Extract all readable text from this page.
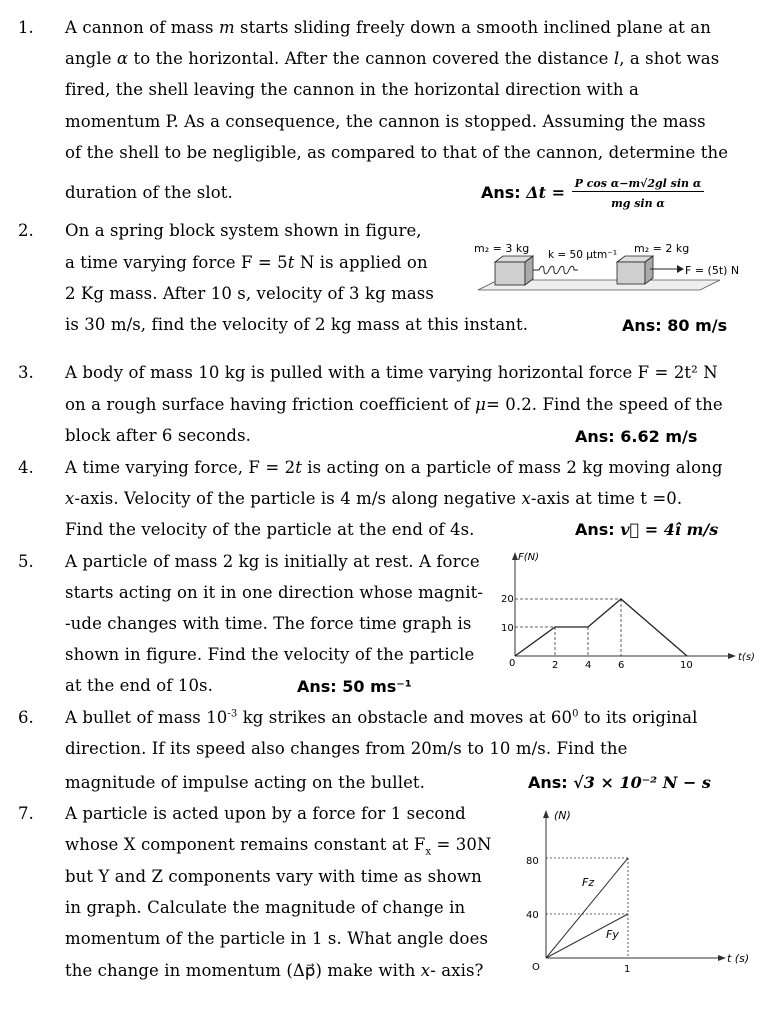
1. A cannon of mass m starts sliding freely down a smooth inclined plane at an
angle α to the horizontal. After the cannon covered the distance l, a shot was
fired, the shell leaving the cannon in the horizontal direction with a
momentum P. As a consequence, the cannon is stopped. Assuming the mass
of the shell to be negligible, as compared to that of the cannon, determine the
duration of the slot.	Ans: Δt = P cos α−m√2gl sin α
mg sin α
2. On a spring block system shown in figure,
a time varying force F = 5t N is applied on
2 Kg mass. After 10 s, velocity of 3 kg mass
is 30 m/s, find the velocity of 2 kg mass at this instant.	Ans: 80 m/s
m₂ = 3 kg k = 50 μtm⁻¹ m₂ = 2 kg
F = (5t) N
3. A body of mass 10 kg is pulled with a time varying horizontal force F = 2t² N
on a rough surface having friction coefficient of μ= 0.2. Find the speed of the
block after 6 seconds.	Ans: 6.62 m/s
4. A time varying force, F = 2t is acting on a particle of mass 2 kg moving along
x-axis. Velocity of the particle is 4 m/s along negative x-axis at time t =0.
Find the velocity of the particle at the end of 4s.	Ans: v⃗ = 4î m/s
5. A particle of mass 2 kg is initially at rest. A force
starts acting on it in one direction whose magnit-
-ude changes with time. The force time graph is
shown in figure. Find the velocity of the particle
at the end of 10s.	Ans: 50 ms⁻¹
F(N)
t(s)
0
20
10
2	4	6	10
6. A bullet of mass $10^{-3}$ kg strikes an obstacle and moves at $60^0$ to its original
direction. If its speed also changes from 20m/s to 10 m/s. Find the
magnitude of impulse acting on the bullet.	Ans: √3 × 10⁻² N − s
7. A particle is acted upon by a force for 1 second
whose X component remains constant at $F_x = 30N$
but Y and Z components vary with time as shown
in graph. Calculate the magnitude of change in
momentum of the particle in 1 s. What angle does
the change in momentum (Δp⃗) make with x- axis?
(N)
t (s)
O
80
40
1
Fz
Fy
